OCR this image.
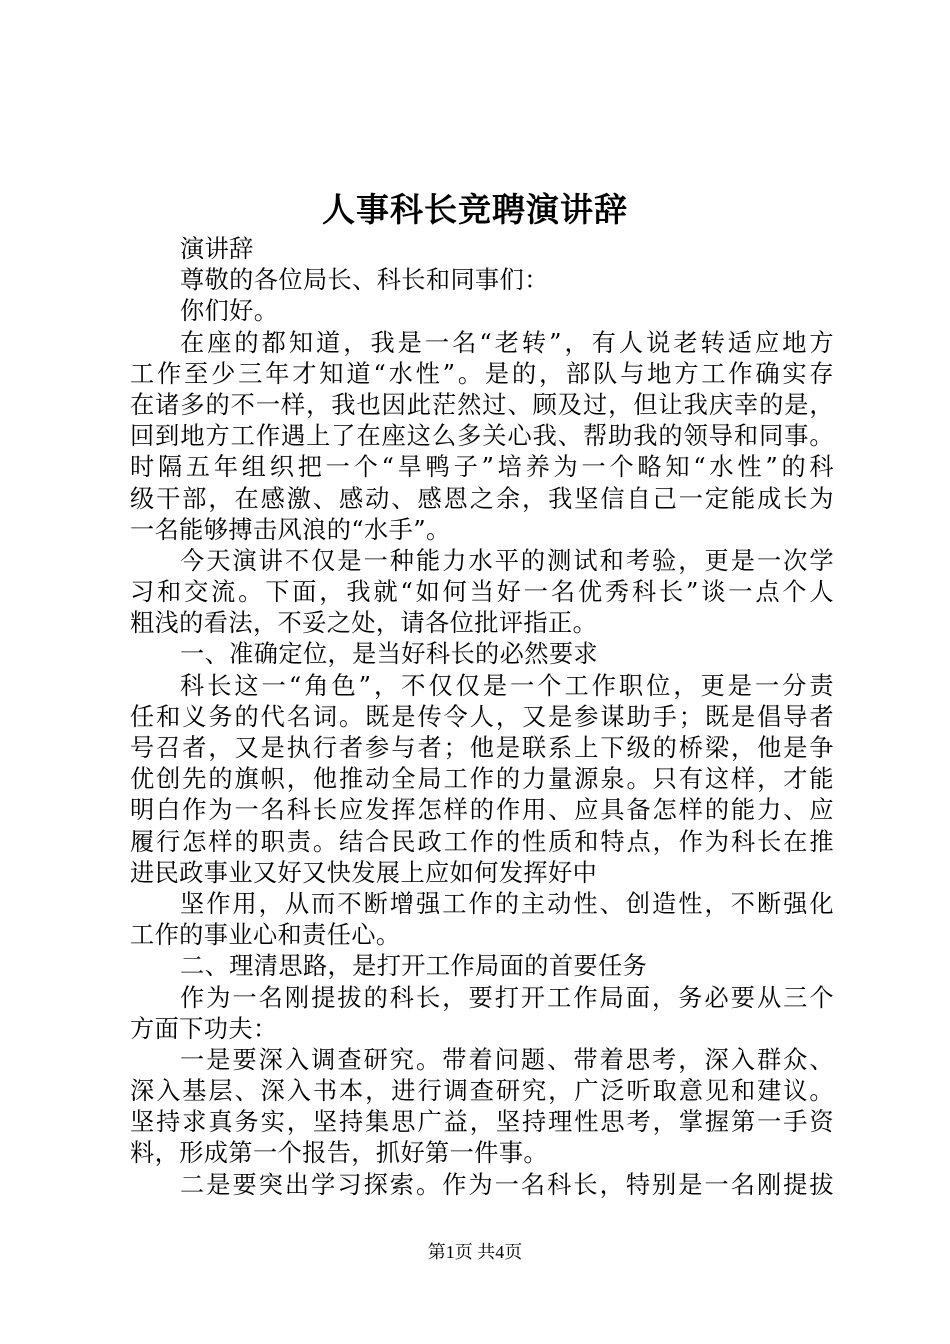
人事科长竞聘演讲辞
演讲辞
尊敬的各位局长、科长和同事们：
你们好。
在座的都知道，我是一名“老转”，有人说老转适应地方
工作至少三年才知道“水性”。是的，部队与地方工作确实存
在诸多的不一样，我也因此茫然过、顾及过，但让我庆幸的是，
回到地方工作遇上了在座这么多关心我、帮助我的领导和同事。
时隔五年组织把一个“旱鸭子”培养为一个略知“水性”的科
级干部，在感激、感动、感恩之余，我坚信自己一定能成长为
一名能够搏击风浪的“水手”。
今天演讲不仅是一种能力水平的测试和考验，更是一次学
习和交流。下面，我就“如何当好一名优秀科长”谈一点个人
粗浅的看法，不妥之处，请各位批评指正。
一、准确定位，是当好科长的必然要求
科长这一“角色”，不仅仅是一个工作职位，更是一分责
任和义务的代名词。既是传令人，又是参谋助手；既是倡导者
号召者，又是执行者参与者；他是联系上下级的桥梁，他是争
优创先的旗帜，他推动全局工作的力量源泉。只有这样，才能
明白作为一名科长应发挥怎样的作用、应具备怎样的能力、应
履行怎样的职责。结合民政工作的性质和特点，作为科长在推
进民政事业又好又快发展上应如何发挥好中
坚作用，从而不断增强工作的主动性、创造性，不断强化
工作的事业心和责任心。
二、理清思路，是打开工作局面的首要任务
作为一名刚提拔的科长，要打开工作局面，务必要从三个
方面下功夫：
一是要深入调查研究。带着问题、带着思考，深入群众、
深入基层、深入书本，进行调查研究，广泛听取意见和建议。
坚持求真务实，坚持集思广益，坚持理性思考，掌握第一手资
料，形成第一个报告，抓好第一件事。
二是要突出学习探索。作为一名科长，特别是一名刚提拔
第1页 共4页
